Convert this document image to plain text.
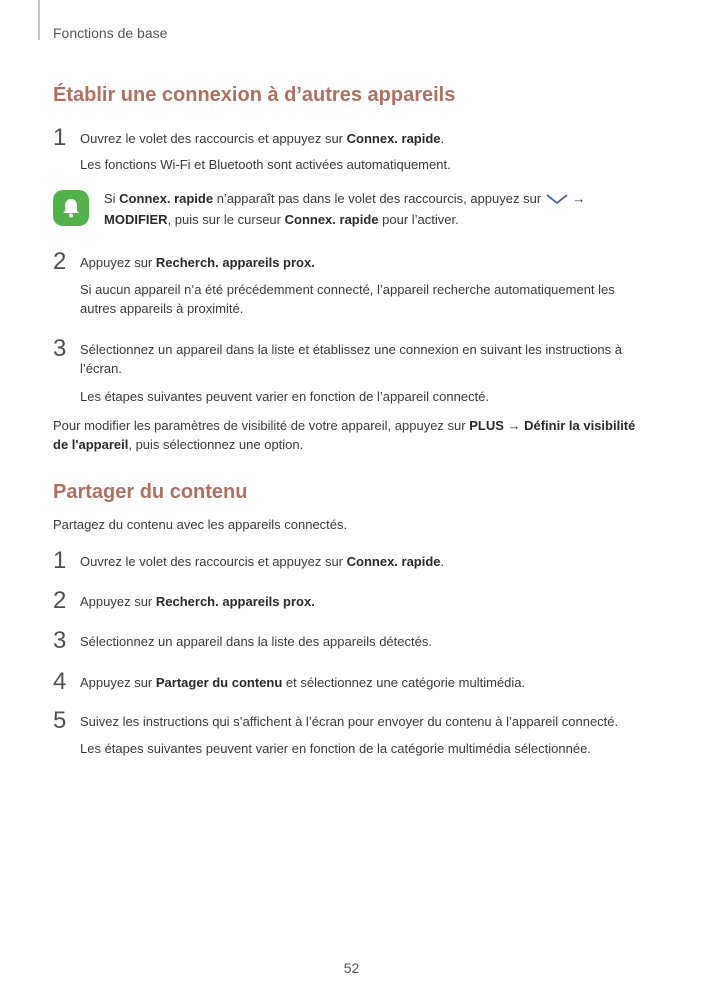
Fonctions de base
Établir une connexion à d’autres appareils
1 Ouvrez le volet des raccourcis et appuyez sur Connex. rapide.

Les fonctions Wi-Fi et Bluetooth sont activées automatiquement.

Si Connex. rapide n’apparaît pas dans le volet des raccourcis, appuyez sur  →
MODIFIER, puis sur le curseur Connex. rapide pour l’activer.

2 Appuyez sur Recherch. appareils prox.

Si aucun appareil n’a été précédemment connecté, l’appareil recherche automatiquement les autres appareils à proximité.

3 Sélectionnez un appareil dans la liste et établissez une connexion en suivant les instructions à l’écran.

Les étapes suivantes peuvent varier en fonction de l’appareil connecté.

Pour modifier les paramètres de visibilité de votre appareil, appuyez sur PLUS → Définir la visibilité de l'appareil, puis sélectionnez une option.

Partager du contenu

Partagez du contenu avec les appareils connectés.

1 Ouvrez le volet des raccourcis et appuyez sur Connex. rapide.

2 Appuyez sur Recherch. appareils prox.

3 Sélectionnez un appareil dans la liste des appareils détectés.

4 Appuyez sur Partager du contenu et sélectionnez une catégorie multimédia.

5 Suivez les instructions qui s’affichent à l’écran pour envoyer du contenu à l’appareil connecté.

Les étapes suivantes peuvent varier en fonction de la catégorie multimédia sélectionnée.

52
